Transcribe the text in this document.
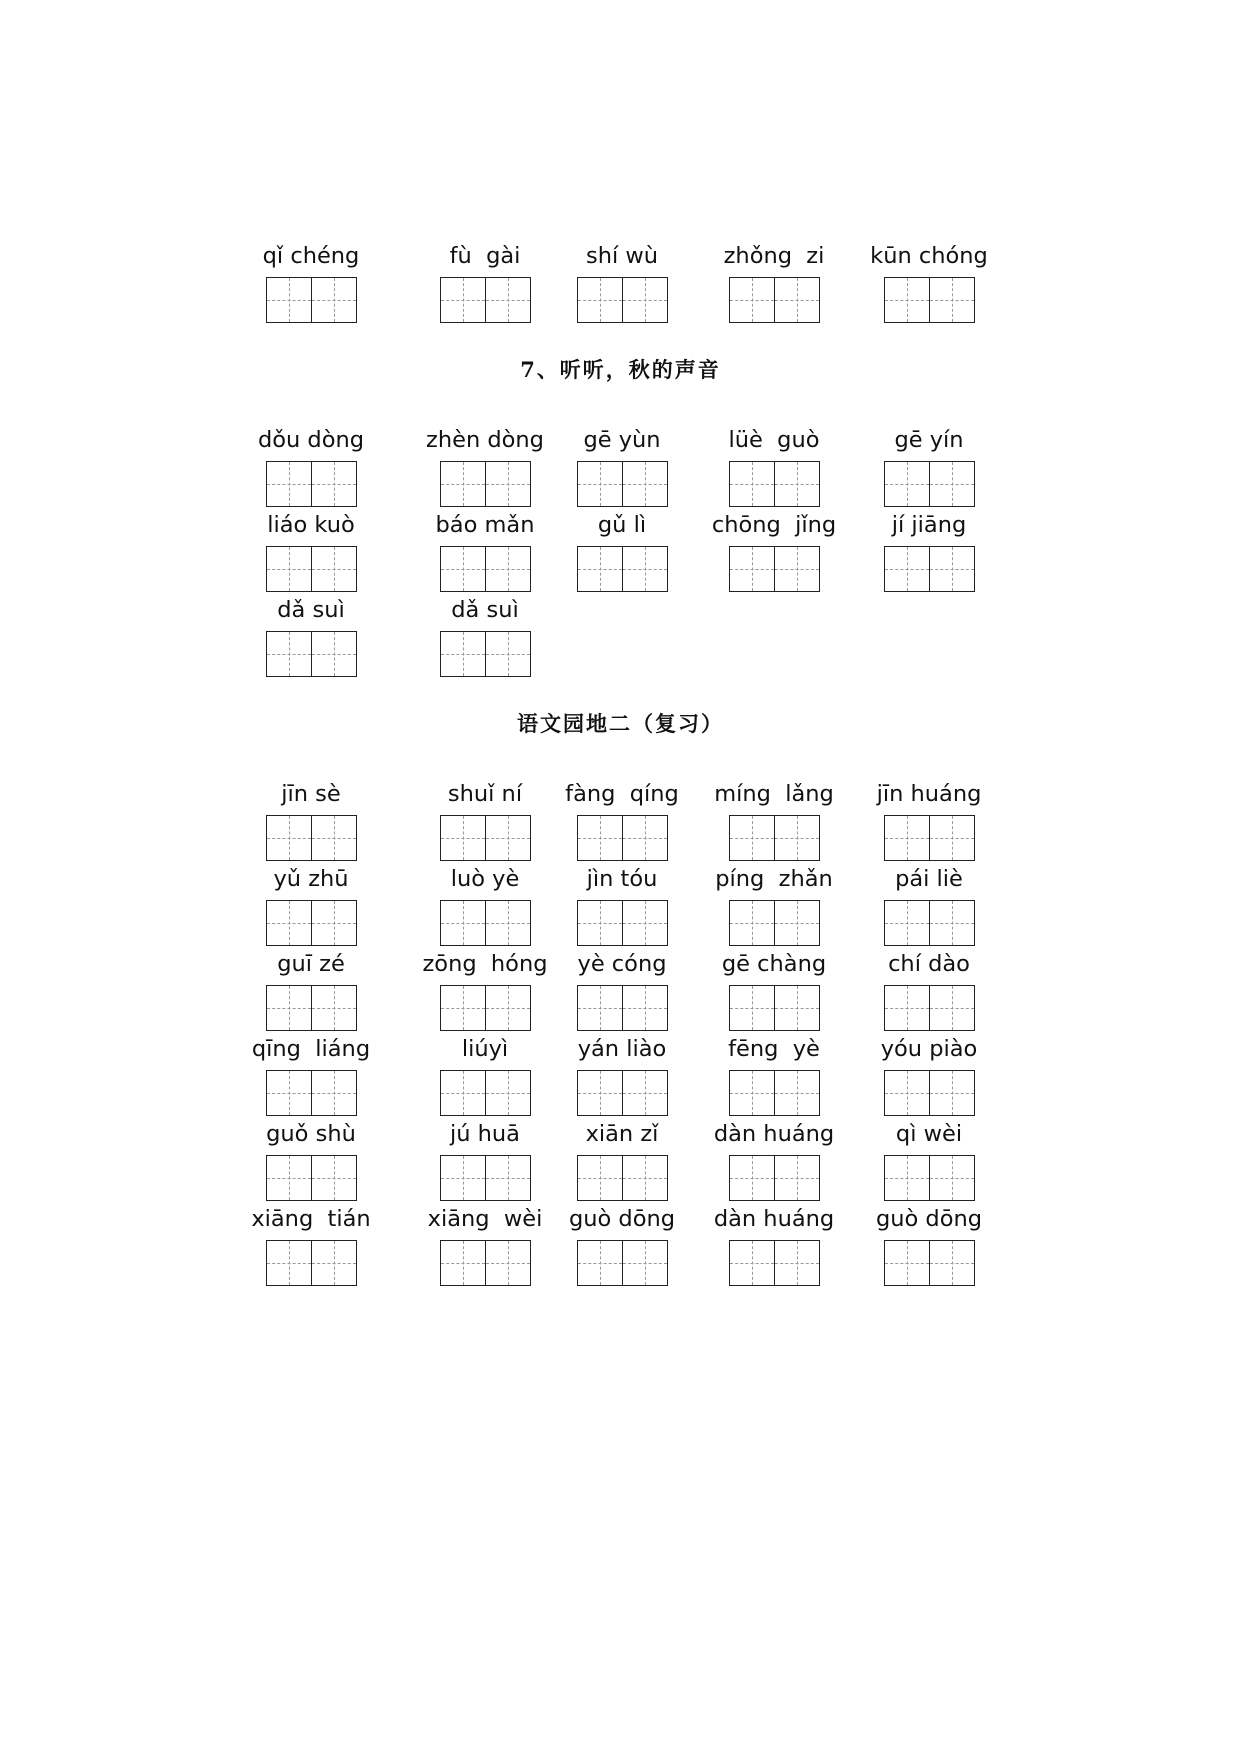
qǐ chéng	fù  gài	shí wù	zhǒng  zi	kūn chóng
7、听听，秋的声音
dǒu dòng	zhèn dòng	gē yùn	lüè  guò	gē yín
liáo kuò	báo mǎn	gǔ lì	chōng  jǐng	jí jiāng
dǎ suì	dǎ suì
语文园地二（复习）
jīn sè	shuǐ ní	fàng  qíng	míng  lǎng	jīn huáng
yǔ zhū	luò yè	jìn tóu	píng  zhǎn	pái liè
guī zé	zōng  hóng	yè cóng	gē chàng	chí dào
qīng  liáng	liúyì	yán liào	fēng  yè	yóu piào
guǒ shù	jú huā	xiān zǐ	dàn huáng	qì wèi
xiāng  tián	xiāng  wèi	guò dōng	dàn huáng	guò dōng
